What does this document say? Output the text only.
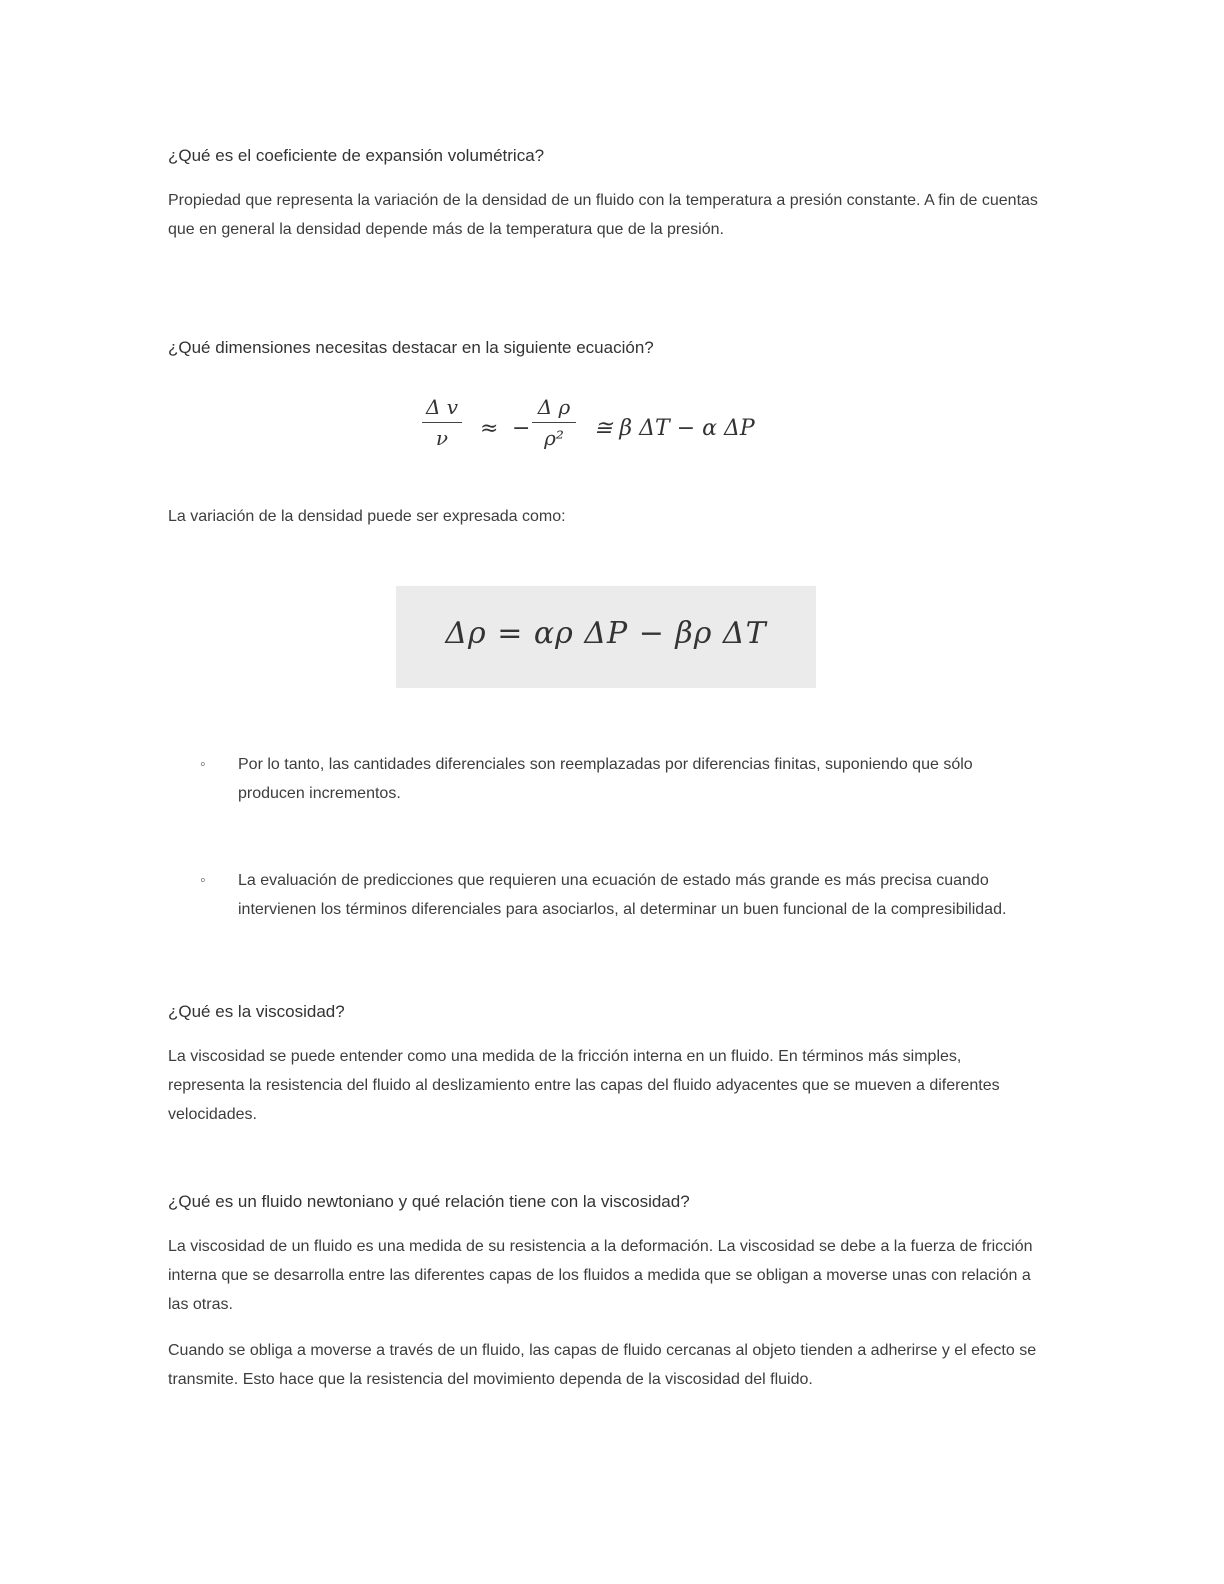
¿Qué es el coeficiente de expansión volumétrica?

Propiedad que representa la variación de la densidad de un fluido con la temperatura a presión constante. A fin de cuentas que en general la densidad depende más de la temperatura que de la presión.

¿Qué dimensiones necesitas destacar en la siguiente ecuación?

Δ v
ν	≈ −
Δ ρ
ρ²	≅ β ΔT − α ΔP

La variación de la densidad puede ser expresada como:

Δρ = αρ ΔP − βρ ΔT
◦	Por lo tanto, las cantidades diferenciales son reemplazadas por diferencias finitas, suponiendo que sólo producen incrementos.
◦	La evaluación de predicciones que requieren una ecuación de estado más grande es más precisa cuando intervienen los términos diferenciales para asociarlos, al determinar un buen funcional de la compresibilidad.

¿Qué es la viscosidad?

La viscosidad se puede entender como una medida de la fricción interna en un fluido. En términos más simples, representa la resistencia del fluido al deslizamiento entre las capas del fluido adyacentes que se mueven a diferentes velocidades.

¿Qué es un fluido newtoniano y qué relación tiene con la viscosidad?

La viscosidad de un fluido es una medida de su resistencia a la deformación. La viscosidad se debe a la fuerza de fricción interna que se desarrolla entre las diferentes capas de los fluidos a medida que se obligan a moverse unas con relación a las otras.

Cuando se obliga a moverse a través de un fluido, las capas de fluido cercanas al objeto tienden a adherirse y el efecto se transmite. Esto hace que la resistencia del movimiento dependa de la viscosidad del fluido.
